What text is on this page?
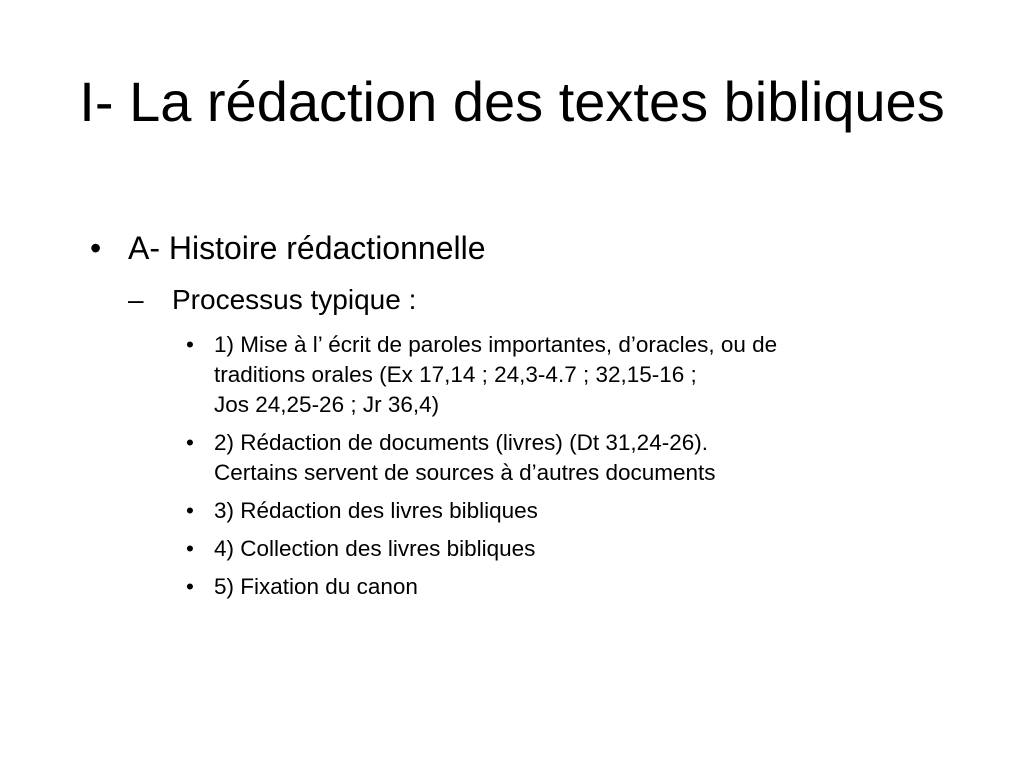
I- La rédaction des textes bibliques
• A- Histoire rédactionnelle
– Processus typique :
• 1) Mise à l’ écrit de paroles importantes, d’oracles, ou de
traditions orales (Ex 17,14 ; 24,3-4.7 ; 32,15-16 ;
Jos 24,25-26 ; Jr 36,4)
• 2) Rédaction de documents (livres) (Dt 31,24-26).
Certains servent de sources à d’autres documents
• 3) Rédaction des livres bibliques
• 4) Collection des livres bibliques
• 5) Fixation du canon
